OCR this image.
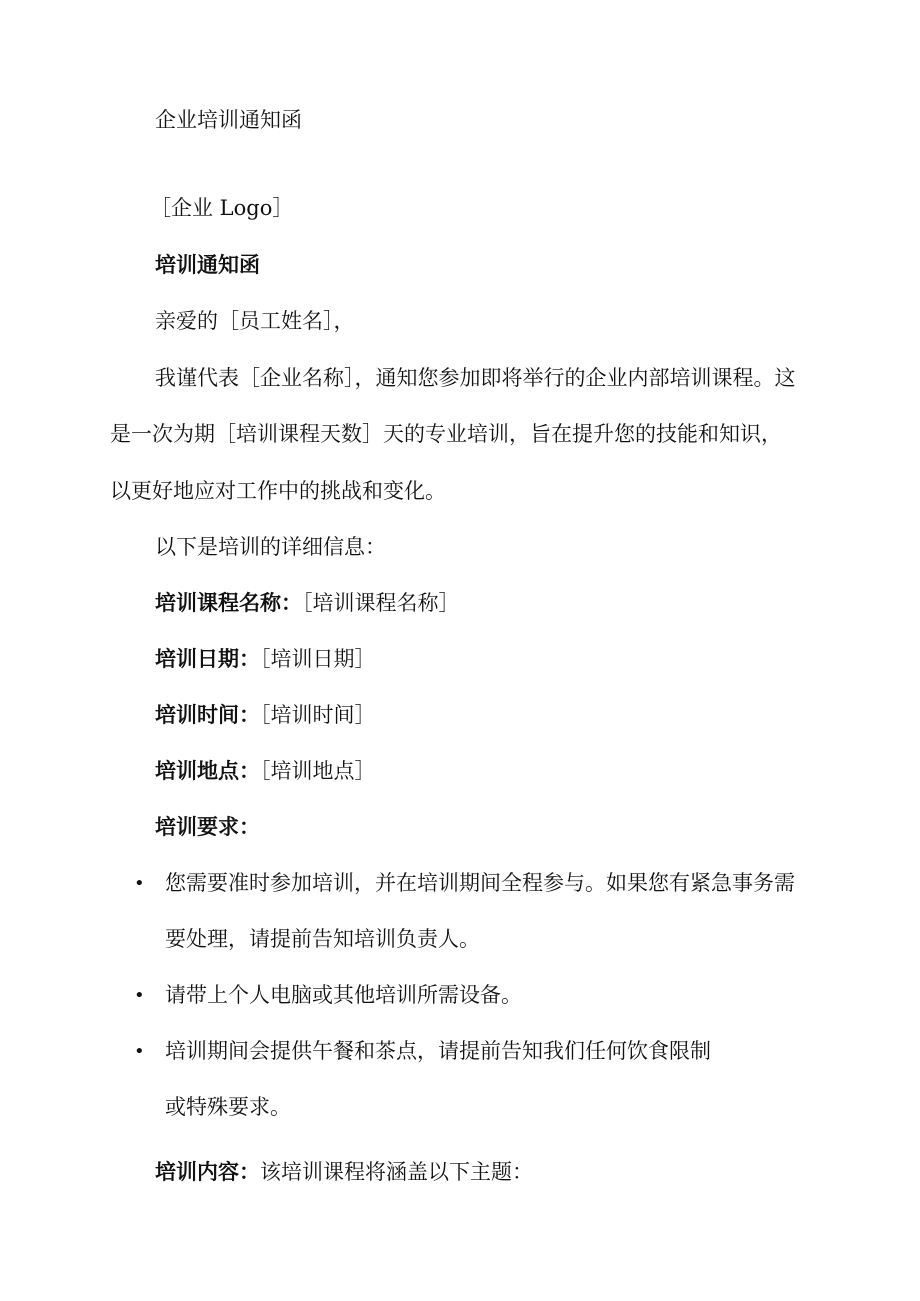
企业培训通知函
［企业 Logo］
培训通知函
亲爱的［员工姓名］，
我谨代表［企业名称］，通知您参加即将举行的企业内部培训课程。这
是一次为期［培训课程天数］天的专业培训，旨在提升您的技能和知识，
以更好地应对工作中的挑战和变化。
以下是培训的详细信息：
培训课程名称：［培训课程名称］
培训日期：［培训日期］
培训时间：［培训时间］
培训地点：［培训地点］
培训要求：
• 您需要准时参加培训，并在培训期间全程参与。如果您有紧急事务需
要处理，请提前告知培训负责人。
• 请带上个人电脑或其他培训所需设备。
• 培训期间会提供午餐和茶点，请提前告知我们任何饮食限制
或特殊要求。
培训内容：该培训课程将涵盖以下主题：
